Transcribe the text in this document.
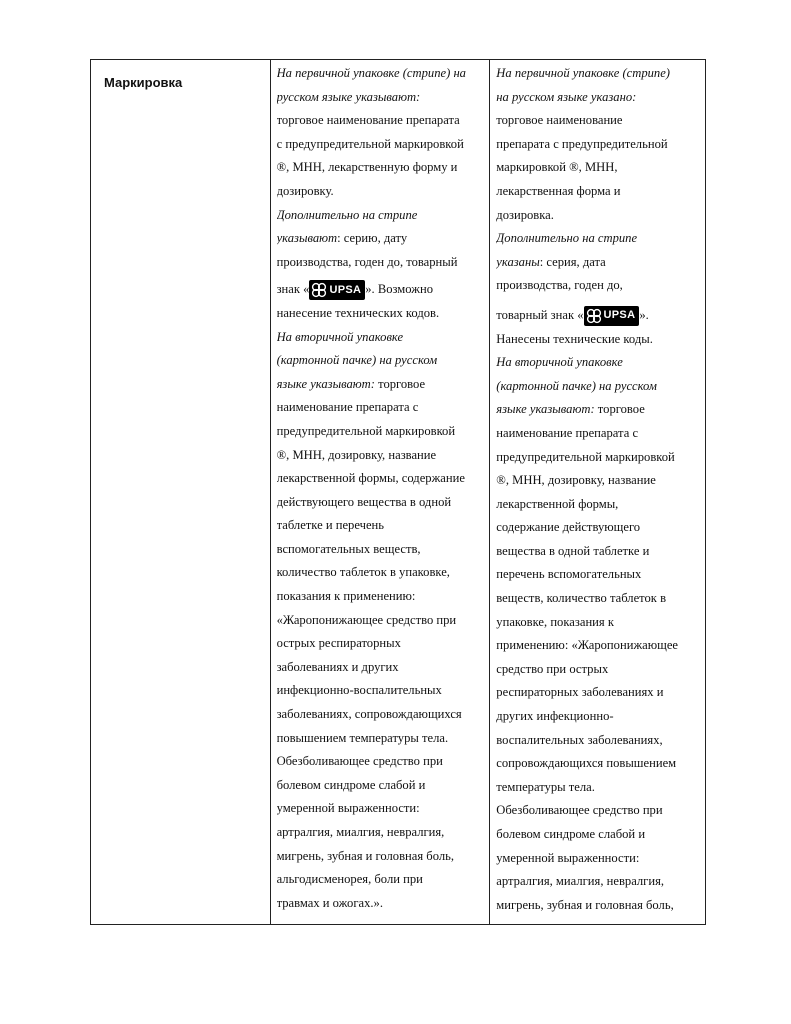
Маркировка

На первичной упаковке (стрипе) на
русском языке указывают:
торговое наименование препарата
с предупредительной маркировкой
®, МНН, лекарственную форму и
дозировку.
Дополнительно на стрипе
указывают: серию, дату
производства, годен до, товарный
знак « UPSA ». Возможно
нанесение технических кодов.
На вторичной упаковке
(картонной пачке) на русском
языке указывают: торговое
наименование препарата с
предупредительной маркировкой
®, МНН, дозировку, название
лекарственной формы, содержание
действующего вещества в одной
таблетке и перечень
вспомогательных веществ,
количество таблеток в упаковке,
показания к применению:
«Жаропонижающее средство при
острых респираторных
заболеваниях и других
инфекционно-воспалительных
заболеваниях, сопровождающихся
повышением температуры тела.
Обезболивающее средство при
болевом синдроме слабой и
умеренной выраженности:
артралгия, миалгия, невралгия,
мигрень, зубная и головная боль,
альгодисменорея, боли при
травмах и ожогах.».

На первичной упаковке (стрипе)
на русском языке указано:
торговое наименование
препарата с предупредительной
маркировкой ®, МНН,
лекарственная форма и
дозировка.
Дополнительно на стрипе
указаны: серия, дата
производства, годен до,
товарный знак « UPSA ».
Нанесены технические коды.
На вторичной упаковке
(картонной пачке) на русском
языке указывают: торговое
наименование препарата с
предупредительной маркировкой
®, МНН, дозировку, название
лекарственной формы,
содержание действующего
вещества в одной таблетке и
перечень вспомогательных
веществ, количество таблеток в
упаковке, показания к
применению: «Жаропонижающее
средство при острых
респираторных заболеваниях и
других инфекционно-
воспалительных заболеваниях,
сопровождающихся повышением
температуры тела.
Обезболивающее средство при
болевом синдроме слабой и
умеренной выраженности:
артралгия, миалгия, невралгия,
мигрень, зубная и головная боль,
